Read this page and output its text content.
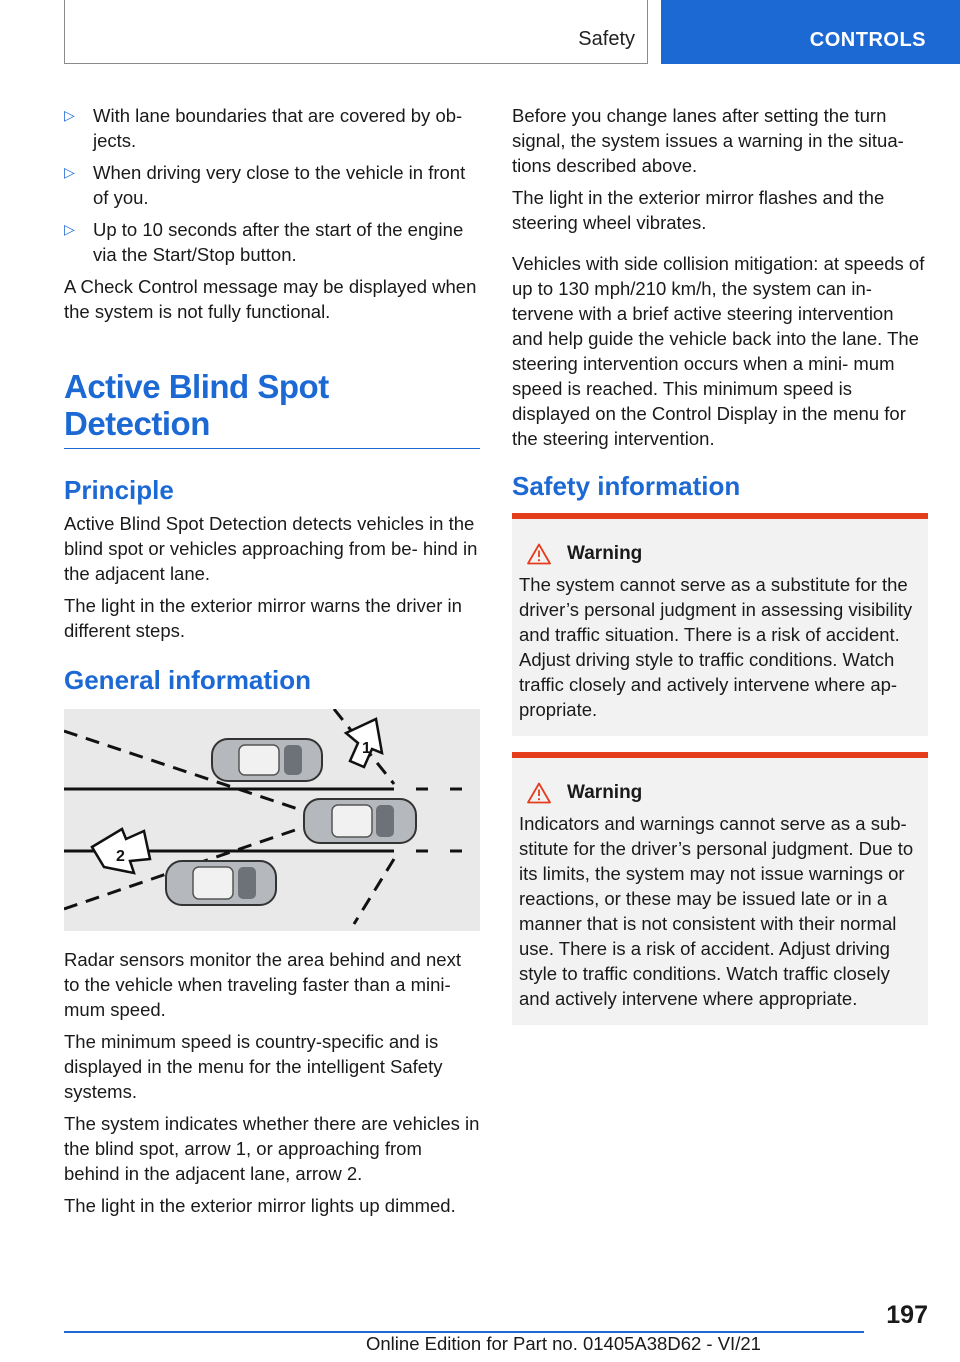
Safety	CONTROLS
▷ With lane boundaries that are covered by ob‐ jects.
▷ When driving very close to the vehicle in front of you.
▷ Up to 10 seconds after the start of the engine via the Start/Stop button.

A Check Control message may be displayed when the system is not fully functional.

Active Blind Spot Detection
Principle

Active Blind Spot Detection detects vehicles in the blind spot or vehicles approaching from be‐ hind in the adjacent lane.

The light in the exterior mirror warns the driver in different steps.

General information
1
2

Radar sensors monitor the area behind and next to the vehicle when traveling faster than a mini‐ mum speed.

The minimum speed is country-specific and is displayed in the menu for the intelligent Safety systems.

The system indicates whether there are vehicles in the blind spot, arrow 1, or approaching from behind in the adjacent lane, arrow 2.

The light in the exterior mirror lights up dimmed.

Before you change lanes after setting the turn signal, the system issues a warning in the situa‐ tions described above.

The light in the exterior mirror flashes and the steering wheel vibrates.

Vehicles with side collision mitigation: at speeds of up to 130 mph/210 km/h, the system can in‐ tervene with a brief active steering intervention and help guide the vehicle back into the lane. The steering intervention occurs when a mini‐ mum speed is reached. This minimum speed is displayed on the Control Display in the menu for the steering intervention.

Safety information
Warning

The system cannot serve as a substitute for the driver’s personal judgment in assessing visibility and traffic situation. There is a risk of accident. Adjust driving style to traffic conditions. Watch traffic closely and actively intervene where ap‐ propriate.

Warning

Indicators and warnings cannot serve as a sub‐ stitute for the driver’s personal judgment. Due to its limits, the system may not issue warnings or reactions, or these may be issued late or in a manner that is not consistent with their normal use. There is a risk of accident. Adjust driving style to traffic conditions. Watch traffic closely and actively intervene where appropriate.

197
Online Edition for Part no. 01405A38D62 - VI/21
